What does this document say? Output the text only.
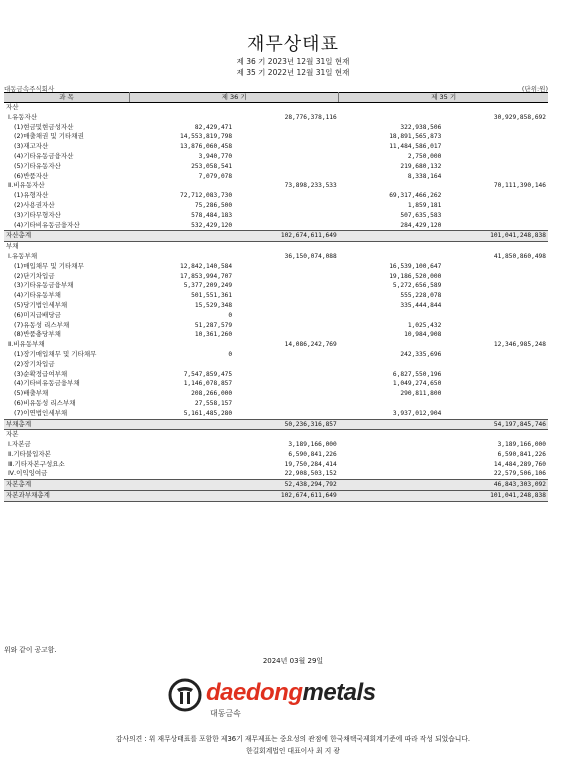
재무상태표
제 36 기 2023년 12월 31일 현재
제 35 기 2022년 12월 31일 현재
대동금속주식회사	(단위:원)
과 목	제 36 기		제 35 기	
자산				
Ⅰ.유동자산		28,776,378,116		30,929,858,692
(1)현금및현금성자산	82,429,471		322,938,506	
(2)매출채권 및 기타채권	14,553,819,798		18,891,565,873	
(3)재고자산	13,876,060,458		11,484,586,017	
(4)기타유동금융자산	3,940,770		2,750,000	
(5)기타유동자산	253,058,541		219,680,132	
(6)반품자산	7,079,078		8,338,164	
Ⅱ.비유동자산		73,898,233,533		70,111,390,146
(1)유형자산	72,712,083,730		69,317,466,262	
(2)사용권자산	75,286,500		1,859,181	
(3)기타무형자산	578,484,183		507,635,583	
(4)기타비유동금융자산	532,429,120		284,429,120	
자산총계		102,674,611,649		101,041,248,838
부채				
Ⅰ.유동부채		36,150,074,088		41,850,860,498
(1)매입채무 및 기타채무	12,842,140,584		16,539,100,647	
(2)단기차입금	17,853,994,707		19,186,520,000	
(3)기타유동금융부채	5,377,209,249		5,272,656,589	
(4)기타유동부채	501,551,361		555,228,078	
(5)당기법인세부채	15,529,348		335,444,844	
(6)미지급배당금	0			
(7)유동성 리스부채	51,287,579		1,025,432	
(8)반품충당부채	10,361,260		10,984,908	
Ⅱ.비유동부채		14,086,242,769		12,346,985,248
(1)장기매입채무 및 기타채무	0		242,335,696	
(2)장기차입금				
(3)순확정급여부채	7,547,859,475		6,827,550,196	
(4)기타비유동금융부채	1,146,078,857		1,049,274,650	
(5)배출부채	208,266,000		290,811,800	
(6)비유동성 리스부채	27,558,157			
(7)이연법인세부채	5,161,485,280		3,937,012,904	
부채총계		50,236,316,857		54,197,845,746
자본				
Ⅰ.자본금		3,189,166,000		3,189,166,000
Ⅱ.기타불입자본		6,590,841,226		6,590,841,226
Ⅲ.기타자본구성요소		19,750,284,414		14,484,289,760
Ⅳ.이익잉여금		22,908,503,152		22,579,506,106
자본총계		52,438,294,792		46,843,303,092
자본과부채총계		102,674,611,649		101,041,248,838
위와 같이 공고함.
2024년 03월 29일
daedongmetals
대동금속
감사의견 : 위 재무상태표를 포함한 제36기 재무제표는 중요성의 관점에 한국채택국제회계기준에 따라 작성 되었습니다.
한길회계법인 대표이사 최 지 광
